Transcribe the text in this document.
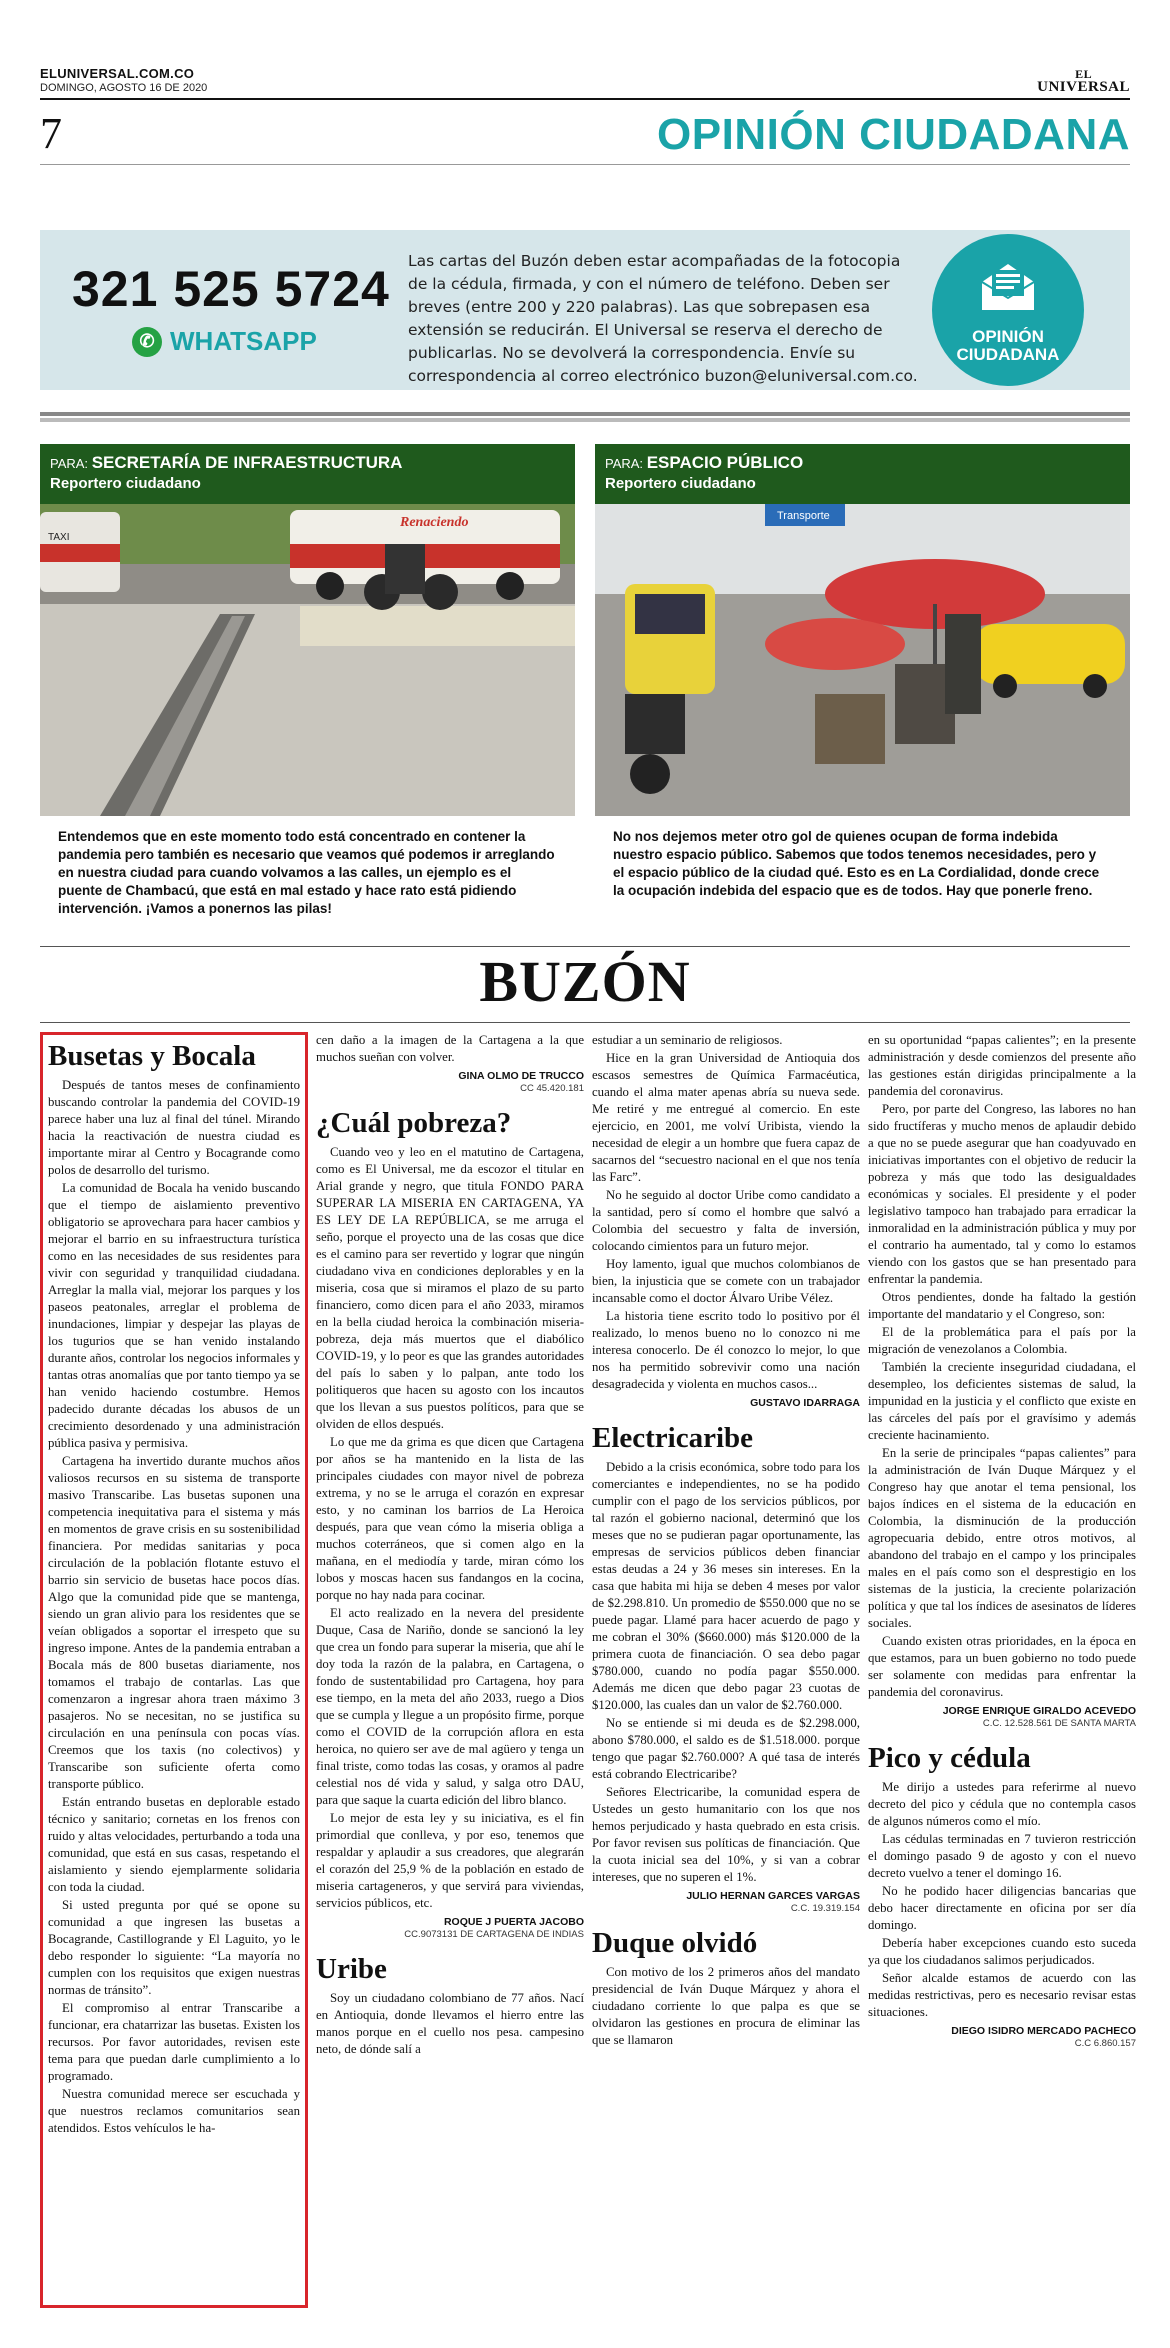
ELUNIVERSAL.COM.CO
DOMINGO, AGOSTO 16 DE 2020
EL
UNIVERSAL
7	OPINIÓN CIUDADANA
321 525 5724
✆ WHATSAPP
Las cartas del Buzón deben estar acompañadas de la fotocopia de la cédula, firmada, y con el número de teléfono. Deben ser breves (entre 200 y 220 palabras). Las que sobrepasen esa extensión se reducirán. El Universal se reserva el derecho de publicarlas. No se devolverá la correspondencia. Envíe su correspondencia al correo electrónico buzon@eluniversal.com.co.
OPINIÓN
CIUDADANA
PARA: SECRETARÍA DE INFRAESTRUCTURA
Reportero ciudadano
Renaciendo
TAXI
Entendemos que en este momento todo está concentrado en contener la pandemia pero también es necesario que veamos qué podemos ir arreglando en nuestra ciudad para cuando volvamos a las calles, un ejemplo es el puente de Chambacú, que está en mal estado y hace rato está pidiendo intervención. ¡Vamos a ponernos las pilas!
PARA: ESPACIO PÚBLICO
Reportero ciudadano
Transporte
No nos dejemos meter otro gol de quienes ocupan de forma indebida nuestro espacio público. Sabemos que todos tenemos necesidades, pero y el espacio público de la ciudad qué. Esto es en La Cordialidad, donde crece la ocupación indebida del espacio que es de todos. Hay que ponerle freno.
BUZÓN
Busetas y Bocala

Después de tantos meses de confinamiento buscando controlar la pandemia del COVID-19 parece haber una luz al final del túnel. Mirando hacia la reactivación de nuestra ciudad es importante mirar al Centro y Bocagrande como polos de desarrollo del turismo.

La comunidad de Bocala ha venido buscando que el tiempo de aislamiento preventivo obligatorio se aprovechara para hacer cambios y mejorar el barrio en su infraestructura turística como en las necesidades de sus residentes para vivir con seguridad y tranquilidad ciudadana. Arreglar la malla vial, mejorar los parques y los paseos peatonales, arreglar el problema de inundaciones, limpiar y despejar las playas de los tugurios que se han venido instalando durante años, controlar los negocios informales y tantas otras anomalías que por tanto tiempo ya se han venido haciendo costumbre. Hemos padecido durante décadas los abusos de un crecimiento desordenado y una administración pública pasiva y permisiva.

Cartagena ha invertido durante muchos años valiosos recursos en su sistema de transporte masivo Transcaribe. Las busetas suponen una competencia inequitativa para el sistema y más en momentos de grave crisis en su sostenibilidad financiera. Por medidas sanitarias y poca circulación de la población flotante estuvo el barrio sin servicio de busetas hace pocos días. Algo que la comunidad pide que se mantenga, siendo un gran alivio para los residentes que se veían obligados a soportar el irrespeto que su ingreso impone. Antes de la pandemia entraban a Bocala más de 800 busetas diariamente, nos tomamos el trabajo de contarlas. Las que comenzaron a ingresar ahora traen máximo 3 pasajeros. No se necesitan, no se justifica su circulación en una península con pocas vías. Creemos que los taxis (no colectivos) y Transcaribe son suficiente oferta como transporte público.

Están entrando busetas en deplorable estado técnico y sanitario; cornetas en los frenos con ruido y altas velocidades, perturbando a toda una comunidad, que está en sus casas, respetando el aislamiento y siendo ejemplarmente solidaria con toda la ciudad.

Si usted pregunta por qué se opone su comunidad a que ingresen las busetas a Bocagrande, Castillogrande y El Laguito, yo le debo responder lo siguiente: “La mayoría no cumplen con los requisitos que exigen nuestras normas de tránsito”.

El compromiso al entrar Transcaribe a funcionar, era chatarrizar las busetas. Existen los recursos. Por favor autoridades, revisen este tema para que puedan darle cumplimiento a lo programado.

Nuestra comunidad merece ser escuchada y que nuestros reclamos comunitarios sean atendidos. Estos vehículos le ha-

cen daño a la imagen de la Cartagena a la que muchos sueñan con volver.

GINA OLMO DE TRUCCO

CC 45.420.181

¿Cuál pobreza?

Cuando veo y leo en el matutino de Cartagena, como es El Universal, me da escozor el titular en Arial grande y negro, que titula FONDO PARA SUPERAR LA MISERIA EN CARTAGENA, YA ES LEY DE LA REPÚBLICA, se me arruga el seño, porque el proyecto una de las cosas que dice es el camino para ser revertido y lograr que ningún ciudadano viva en condiciones deplorables y en la miseria, cosa que si miramos el plazo de su parto financiero, como dicen para el año 2033, miramos en la bella ciudad heroica la combinación miseria-pobreza, deja más muertos que el diabólico COVID-19, y lo peor es que las grandes autoridades del país lo saben y lo palpan, ante todo los politiqueros que hacen su agosto con los incautos que los llevan a sus puestos políticos, para que se olviden de ellos después.

Lo que me da grima es que dicen que Cartagena por años se ha mantenido en la lista de las principales ciudades con mayor nivel de pobreza extrema, y no se le arruga el corazón en expresar esto, y no caminan los barrios de La Heroica después, para que vean cómo la miseria obliga a muchos coterráneos, que si comen algo en la mañana, en el mediodía y tarde, miran cómo los lobos y moscas hacen sus fandangos en la cocina, porque no hay nada para cocinar.

El acto realizado en la nevera del presidente Duque, Casa de Nariño, donde se sancionó la ley que crea un fondo para superar la miseria, que ahí le doy toda la razón de la palabra, en Cartagena, o fondo de sustentabilidad pro Cartagena, hoy para ese tiempo, en la meta del año 2033, ruego a Dios que se cumpla y llegue a un propósito firme, porque como el COVID de la corrupción aflora en esta heroica, no quiero ser ave de mal agüero y tenga un final triste, como todas las cosas, y oramos al padre celestial nos dé vida y salud, y salga otro DAU, para que saque la cuarta edición del libro blanco.

Lo mejor de esta ley y su iniciativa, es el fin primordial que conlleva, y por eso, tenemos que respaldar y aplaudir a sus creadores, que alegrarán el corazón del 25,9 % de la población en estado de miseria cartageneros, y que servirá para viviendas, servicios públicos, etc.

ROQUE J PUERTA JACOBO

CC.9073131 DE CARTAGENA DE INDIAS

Uribe

Soy un ciudadano colombiano de 77 años. Nací en Antioquia, donde llevamos el hierro entre las manos porque en el cuello nos pesa. campesino neto, de dónde salí a

estudiar a un seminario de religiosos.

Hice en la gran Universidad de Antioquia dos escasos semestres de Química Farmacéutica, cuando el alma mater apenas abría su nueva sede. Me retiré y me entregué al comercio. En este ejercicio, en 2001, me volví Uribista, viendo la necesidad de elegir a un hombre que fuera capaz de sacarnos del “secuestro nacional en el que nos tenía las Farc”.

No he seguido al doctor Uribe como candidato a la santidad, pero sí como el hombre que salvó a Colombia del secuestro y falta de inversión, colocando cimientos para un futuro mejor.

Hoy lamento, igual que muchos colombianos de bien, la injusticia que se comete con un trabajador incansable como el doctor Álvaro Uribe Vélez.

La historia tiene escrito todo lo positivo por él realizado, lo menos bueno no lo conozco ni me interesa conocerlo. De él conozco lo mejor, lo que nos ha permitido sobrevivir como una nación desagradecida y violenta en muchos casos...

GUSTAVO IDARRAGA

Electricaribe

Debido a la crisis económica, sobre todo para los comerciantes e independientes, no se ha podido cumplir con el pago de los servicios públicos, por tal razón el gobierno nacional, determinó que los meses que no se pudieran pagar oportunamente, las empresas de servicios públicos deben financiar estas deudas a 24 y 36 meses sin intereses. En la casa que habita mi hija se deben 4 meses por valor de $2.298.810. Un promedio de $550.000 que no se puede pagar. Llamé para hacer acuerdo de pago y me cobran el 30% ($660.000) más $120.000 de la primera cuota de financiación. O sea debo pagar $780.000, cuando no podía pagar $550.000. Además me dicen que debo pagar 23 cuotas de $120.000, las cuales dan un valor de $2.760.000.

No se entiende si mi deuda es de $2.298.000, abono $780.000, el saldo es de $1.518.000. porque tengo que pagar $2.760.000? A qué tasa de interés está cobrando Electricaribe?

Señores Electricaribe, la comunidad espera de Ustedes un gesto humanitario con los que nos hemos perjudicado y hasta quebrado en esta crisis. Por favor revisen sus políticas de financiación. Que la cuota inicial sea del 10%, y si van a cobrar intereses, que no superen el 1%.

JULIO HERNAN GARCES VARGAS

C.C. 19.319.154

Duque olvidó

Con motivo de los 2 primeros años del mandato presidencial de Iván Duque Márquez y ahora el ciudadano corriente lo que palpa es que se olvidaron las gestiones en procura de eliminar las que se llamaron

en su oportunidad “papas calientes”; en la presente administración y desde comienzos del presente año las gestiones están dirigidas principalmente a la pandemia del coronavirus.

Pero, por parte del Congreso, las labores no han sido fructíferas y mucho menos de aplaudir debido a que no se puede asegurar que han coadyuvado en iniciativas importantes con el objetivo de reducir la pobreza y más que todo las desigualdades económicas y sociales. El presidente y el poder legislativo tampoco han trabajado para erradicar la inmoralidad en la administración pública y muy por el contrario ha aumentado, tal y como lo estamos viendo con los gastos que se han presentado para enfrentar la pandemia.

Otros pendientes, donde ha faltado la gestión importante del mandatario y el Congreso, son:

El de la problemática para el país por la migración de venezolanos a Colombia.

También la creciente inseguridad ciudadana, el desempleo, los deficientes sistemas de salud, la impunidad en la justicia y el conflicto que existe en las cárceles del país por el gravísimo y además creciente hacinamiento.

En la serie de principales “papas calientes” para la administración de Iván Duque Márquez y el Congreso hay que anotar el tema pensional, los bajos índices en el sistema de la educación en Colombia, la disminución de la producción agropecuaria debido, entre otros motivos, al abandono del trabajo en el campo y los principales males en el país como son el desprestigio en los sistemas de la justicia, la creciente polarización política y que tal los índices de asesinatos de líderes sociales.

Cuando existen otras prioridades, en la época en que estamos, para un buen gobierno no todo puede ser solamente con medidas para enfrentar la pandemia del coronavirus.

JORGE ENRIQUE GIRALDO ACEVEDO

C.C. 12.528.561 DE SANTA MARTA

Pico y cédula

Me dirijo a ustedes para referirme al nuevo decreto del pico y cédula que no contempla casos de algunos números como el mío.

Las cédulas terminadas en 7 tuvieron restricción el domingo pasado 9 de agosto y con el nuevo decreto vuelvo a tener el domingo 16.

No he podido hacer diligencias bancarias que debo hacer directamente en oficina por ser día domingo.

Debería haber excepciones cuando esto suceda ya que los ciudadanos salimos perjudicados.

Señor alcalde estamos de acuerdo con las medidas restrictivas, pero es necesario revisar estas situaciones.

DIEGO ISIDRO MERCADO PACHECO

C.C 6.860.157
